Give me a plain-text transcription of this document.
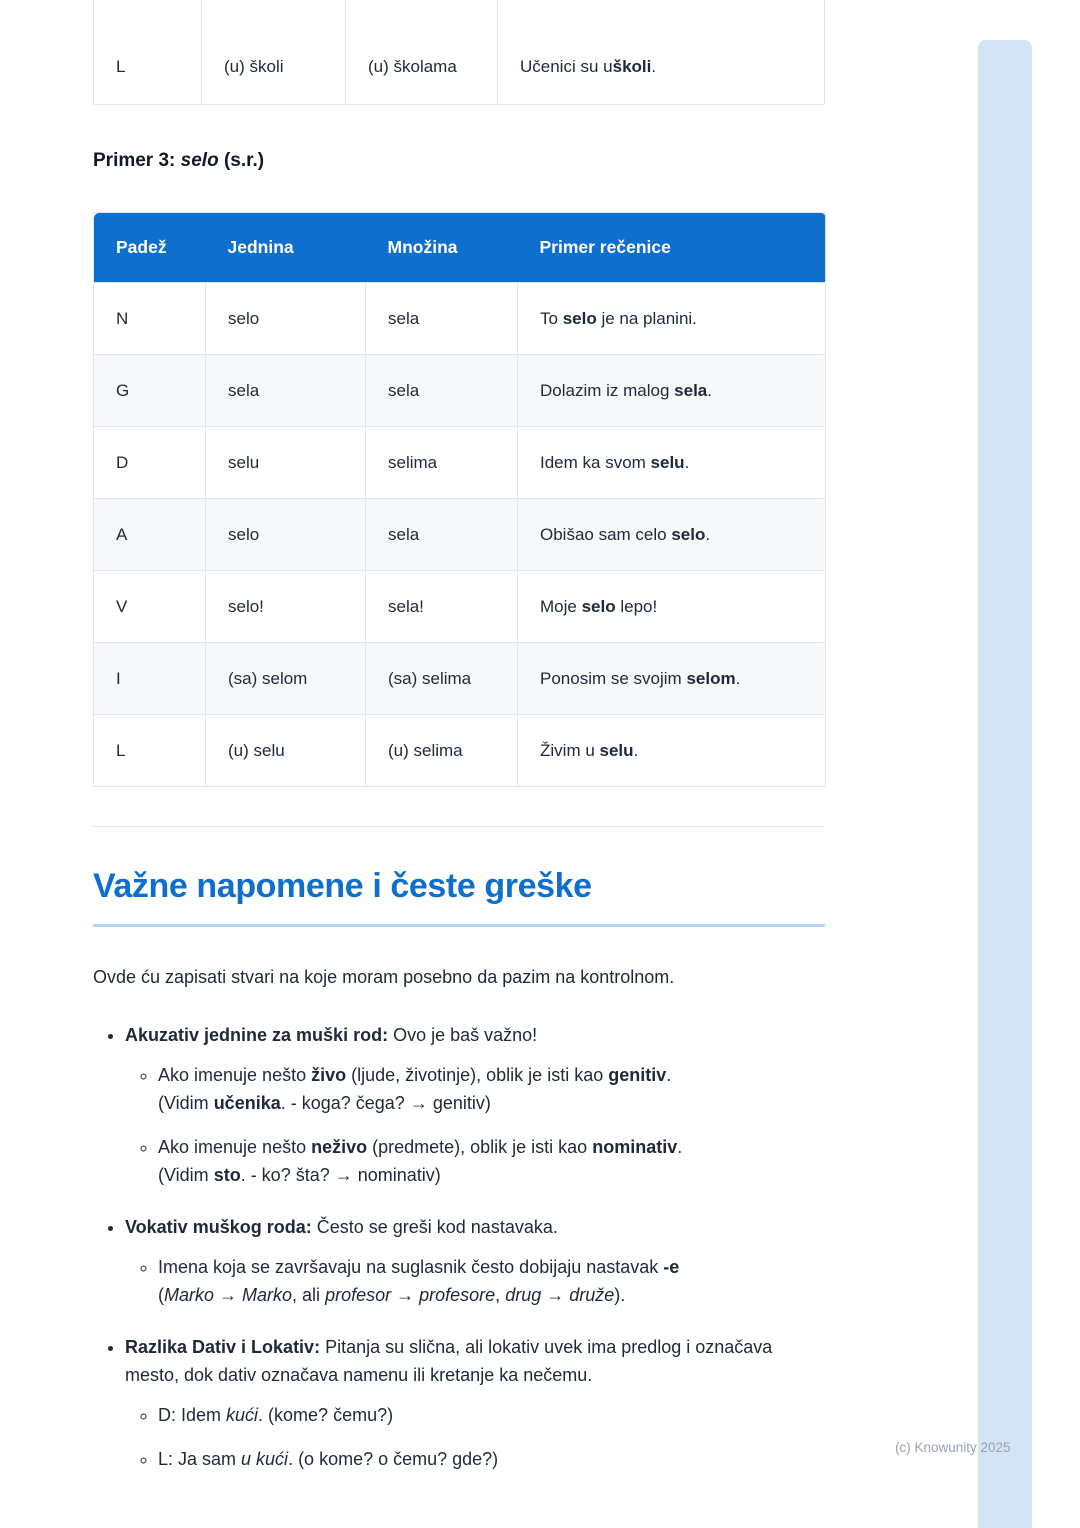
L	(u) školi	(u) školama	Učenici su u školi .
Primer 3: selo (s.r.)
Padež	Jednina	Množina	Primer rečenice
N	selo	sela	To selo je na planini.
G	sela	sela	Dolazim iz malog sela.
D	selu	selima	Idem ka svom selu.
A	selo	sela	Obišao sam celo selo.
V	selo!	sela!	Moje selo lepo!
I	(sa) selom	(sa) selima	Ponosim se svojim selom.
L	(u) selu	(u) selima	Živim u selu.
Važne napomene i česte greške

Ovde ću zapisati stvari na koje moram posebno da pazim na kontrolnom.

• Akuzativ jednine za muški rod: Ovo je baš važno!
◦ Ako imenuje nešto živo (ljude, životinje), oblik je isti kao genitiv.
(Vidim učenika. - koga? čega? → genitiv)
◦ Ako imenuje nešto neživo (predmete), oblik je isti kao nominativ.
(Vidim sto. - ko? šta? → nominativ)
• Vokativ muškog roda: Često se greši kod nastavaka.
◦ Imena koja se završavaju na suglasnik često dobijaju nastavak -e
(Marko → Marko, ali profesor → profesore, drug → druže).
• Razlika Dativ i Lokativ: Pitanja su slična, ali lokativ uvek ima predlog i označava mesto, dok dativ označava namenu ili kretanje ka nečemu.
◦ D: Idem kući. (kome? čemu?)
◦ L: Ja sam u kući. (o kome? o čemu? gde?)
(c) Knowunity 2025
